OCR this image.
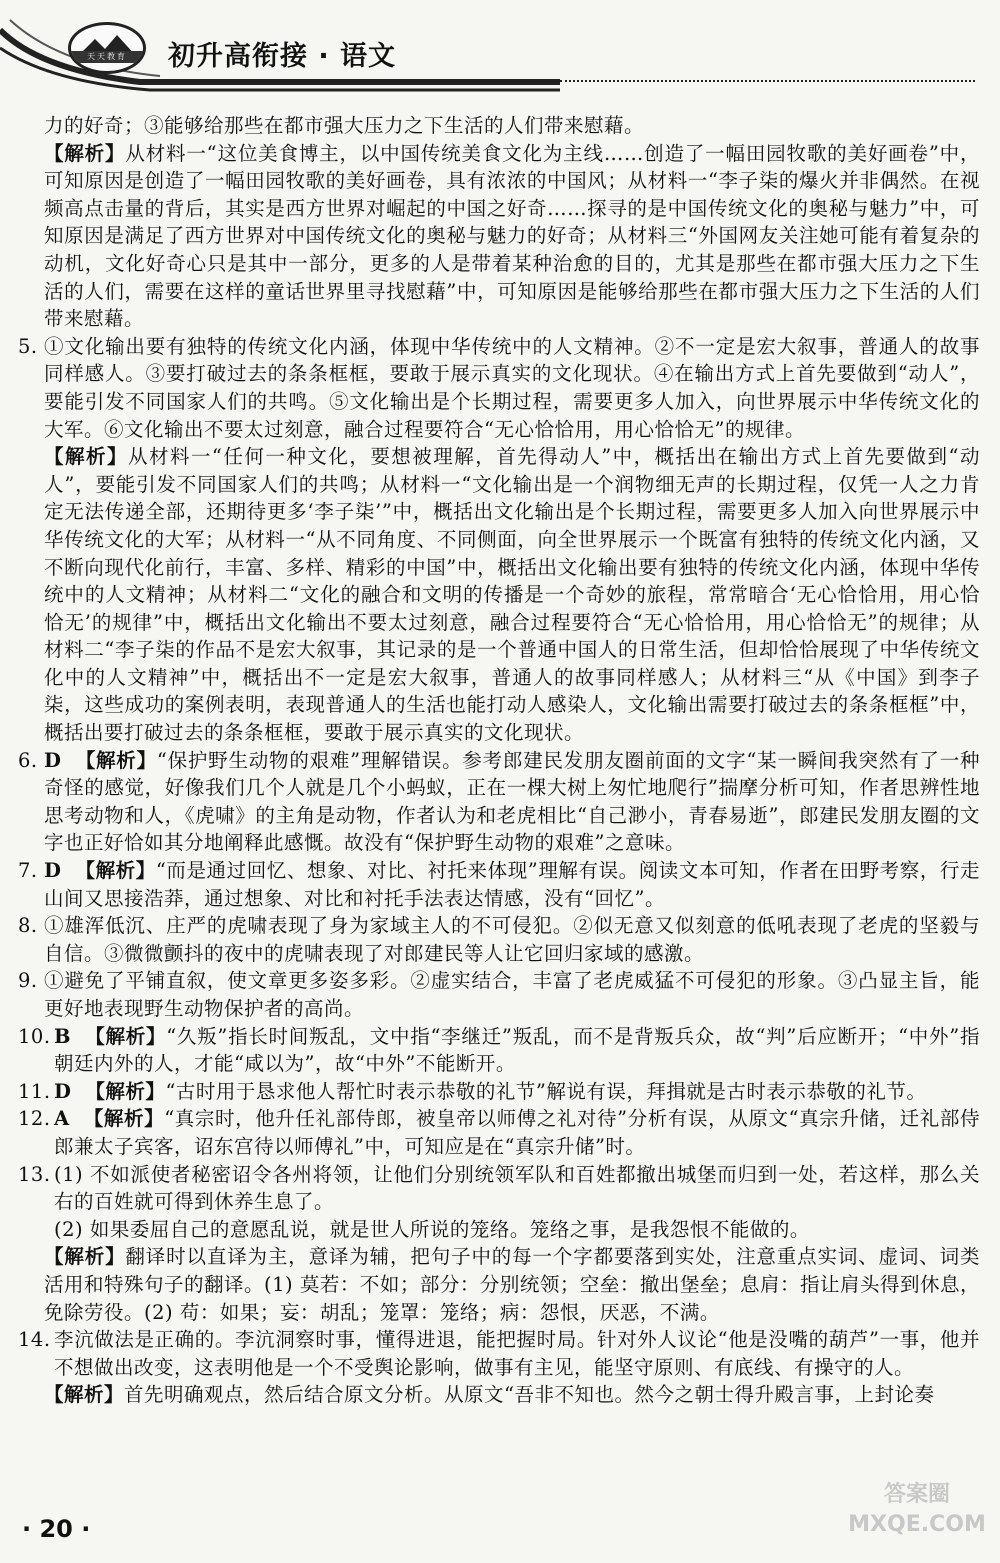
天天教育	初升高衔接 · 语文

力的好奇；③能够给那些在都市强大压力之下生活的人们带来慰藉。

【解析】从材料一“这位美食博主，以中国传统美食文化为主线……创造了一幅田园牧歌的美好画卷”中，可知原因是创造了一幅田园牧歌的美好画卷，具有浓浓的中国风；从材料一“李子柒的爆火并非偶然。在视频高点击量的背后，其实是西方世界对崛起的中国之好奇……探寻的是中国传统文化的奥秘与魅力”中，可知原因是满足了西方世界对中国传统文化的奥秘与魅力的好奇；从材料三“外国网友关注她可能有着复杂的动机，文化好奇心只是其中一部分，更多的人是带着某种治愈的目的，尤其是那些在都市强大压力之下生活的人们，需要在这样的童话世界里寻找慰藉”中，可知原因是能够给那些在都市强大压力之下生活的人们带来慰藉。

5. ①文化输出要有独特的传统文化内涵，体现中华传统中的人文精神。②不一定是宏大叙事，普通人的故事同样感人。③要打破过去的条条框框，要敢于展示真实的文化现状。④在输出方式上首先要做到“动人”，要能引发不同国家人们的共鸣。⑤文化输出是个长期过程，需要更多人加入，向世界展示中华传统文化的大军。⑥文化输出不要太过刻意，融合过程要符合“无心恰恰用，用心恰恰无”的规律。

【解析】从材料一“任何一种文化，要想被理解，首先得动人”中，概括出在输出方式上首先要做到“动人”，要能引发不同国家人们的共鸣；从材料一“文化输出是一个润物细无声的长期过程，仅凭一人之力肯定无法传递全部，还期待更多‘李子柒’”中，概括出文化输出是个长期过程，需要更多人加入向世界展示中华传统文化的大军；从材料一“从不同角度、不同侧面，向全世界展示一个既富有独特的传统文化内涵，又不断向现代化前行，丰富、多样、精彩的中国”中，概括出文化输出要有独特的传统文化内涵，体现中华传统中的人文精神；从材料二“文化的融合和文明的传播是一个奇妙的旅程，常常暗合‘无心恰恰用，用心恰恰无’的规律”中，概括出文化输出不要太过刻意，融合过程要符合“无心恰恰用，用心恰恰无”的规律；从材料二“李子柒的作品不是宏大叙事，其记录的是一个普通中国人的日常生活，但却恰恰展现了中华传统文化中的人文精神”中，概括出不一定是宏大叙事，普通人的故事同样感人；从材料三“从《中国》到李子柒，这些成功的案例表明，表现普通人的生活也能打动人感染人，文化输出需要打破过去的条条框框”中，概括出要打破过去的条条框框，要敢于展示真实的文化现状。

6. D 【解析】“保护野生动物的艰难”理解错误。参考郎建民发朋友圈前面的文字“某一瞬间我突然有了一种奇怪的感觉，好像我们几个人就是几个小蚂蚁，正在一棵大树上匆忙地爬行”揣摩分析可知，作者思辨性地思考动物和人，《虎啸》的主角是动物，作者认为和老虎相比“自己渺小，青春易逝”，郎建民发朋友圈的文字也正好恰如其分地阐释此感慨。故没有“保护野生动物的艰难”之意味。

7. D 【解析】“而是通过回忆、想象、对比、衬托来体现”理解有误。阅读文本可知，作者在田野考察，行走山间又思接浩莽，通过想象、对比和衬托手法表达情感，没有“回忆”。

8. ①雄浑低沉、庄严的虎啸表现了身为家域主人的不可侵犯。②似无意又似刻意的低吼表现了老虎的坚毅与自信。③微微颤抖的夜中的虎啸表现了对郎建民等人让它回归家域的感激。

9. ①避免了平铺直叙，使文章更多姿多彩。②虚实结合，丰富了老虎威猛不可侵犯的形象。③凸显主旨，能更好地表现野生动物保护者的高尚。

10. B 【解析】“久叛”指长时间叛乱，文中指“李继迁”叛乱，而不是背叛兵众，故“判”后应断开；“中外”指朝廷内外的人，才能“咸以为”，故“中外”不能断开。

11. D 【解析】“古时用于恳求他人帮忙时表示恭敬的礼节”解说有误，拜揖就是古时表示恭敬的礼节。

12. A 【解析】“真宗时，他升任礼部侍郎，被皇帝以师傅之礼对待”分析有误，从原文“真宗升储，迁礼部侍郎兼太子宾客，诏东宫待以师傅礼”中，可知应是在“真宗升储”时。

13. (1) 不如派使者秘密诏令各州将领，让他们分别统领军队和百姓都撤出城堡而归到一处，若这样，那么关右的百姓就可得到休养生息了。

(2) 如果委屈自己的意愿乱说，就是世人所说的笼络。笼络之事，是我怨恨不能做的。

【解析】翻译时以直译为主，意译为辅，把句子中的每一个字都要落到实处，注意重点实词、虚词、词类活用和特殊句子的翻译。(1) 莫若：不如；部分：分别统领；空垒：撤出堡垒；息肩：指让肩头得到休息，免除劳役。(2) 苟：如果；妄：胡乱；笼罩：笼络；病：怨恨，厌恶，不满。

14. 李沆做法是正确的。李沆洞察时事，懂得进退，能把握时局。针对外人议论“他是没嘴的葫芦”一事，他并不想做出改变，这表明他是一个不受舆论影响，做事有主见，能坚守原则、有底线、有操守的人。

【解析】首先明确观点，然后结合原文分析。从原文“吾非不知也。然今之朝士得升殿言事，上封论奏

· 20 ·
答案圈 MXQE.COM
